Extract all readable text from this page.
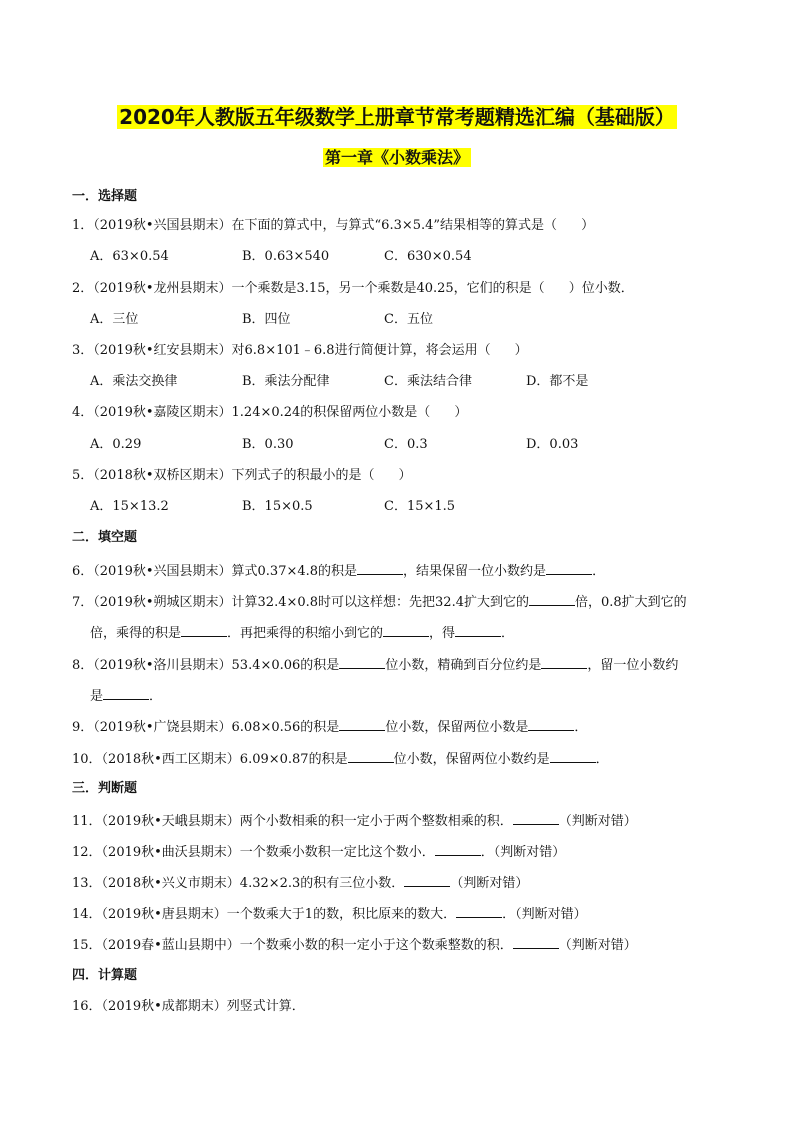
2020年人教版五年级数学上册章节常考题精选汇编（基础版）
第一章《小数乘法》
一．选择题
1．（2019秋•兴国县期末）在下面的算式中，与算式“6.3×5.4”结果相等的算式是（ ）
A．63×0.54	B．0.63×540	C．630×0.54
2．（2019秋•龙州县期末）一个乘数是3.15，另一个乘数是40.25，它们的积是（ ）位小数．
A．三位	B．四位	C．五位
3．（2019秋•红安县期末）对6.8×101﹣6.8进行简便计算，将会运用（ ）
A．乘法交换律	B．乘法分配律	C．乘法结合律	D．都不是
4．（2019秋•嘉陵区期末）1.24×0.24的积保留两位小数是（ ）
A．0.29	B．0.30	C．0.3	D．0.03
5．（2018秋•双桥区期末）下列式子的积最小的是（ ）
A．15×13.2	B．15×0.5	C．15×1.5
二．填空题
6．（2019秋•兴国县期末）算式0.37×4.8的积是	，结果保留一位小数约是	．
7．（2019秋•朔城区期末）计算32.4×0.8时可以这样想：先把32.4扩大到它的	倍，0.8扩大到它的
倍，乘得的积是	．再把乘得的积缩小到它的	，得	．
8．（2019秋•洛川县期末）53.4×0.06的积是	位小数，精确到百分位约是	，留一位小数约
是	．
9．（2019秋•广饶县期末）6.08×0.56的积是	位小数，保留两位小数是	．
10．（2018秋•西工区期末）6.09×0.87的积是	位小数，保留两位小数约是	．
三．判断题
11．（2019秋•天峨县期末）两个小数相乘的积一定小于两个整数相乘的积．	（判断对错）
12．（2019秋•曲沃县期末）一个数乘小数积一定比这个数小．	．（判断对错）
13．（2018秋•兴义市期末）4.32×2.3的积有三位小数．	（判断对错）
14．（2019秋•唐县期末）一个数乘大于1的数，积比原来的数大．	．（判断对错）
15．（2019春•蓝山县期中）一个数乘小数的积一定小于这个数乘整数的积．	（判断对错）
四．计算题
16．（2019秋•成都期末）列竖式计算．
